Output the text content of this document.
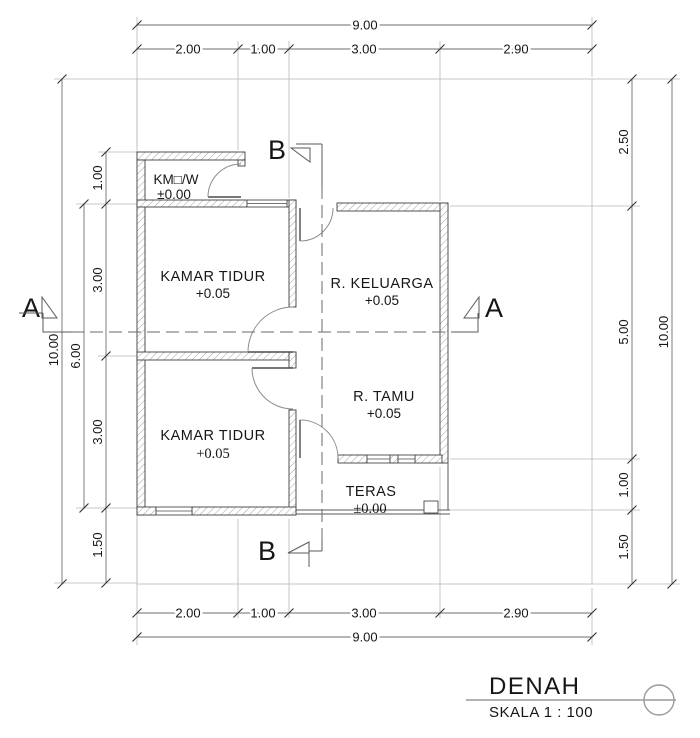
9.00
2.00	1.00	3.00	2.90
2.00	1.00	3.00	2.90
9.00
10.00 6.00
1.00
3.00
3.00
1.50
2.50
5.00
1.00
1.50
10.00
A	A
B
B
KM□/W
±0.00
KAMAR TIDUR
+0.05
R. KELUARGA
+0.05
KAMAR TIDUR
+0.05
R. TAMU
+0.05
TERAS
±0.00
DENAH
SKALA 1 : 100
